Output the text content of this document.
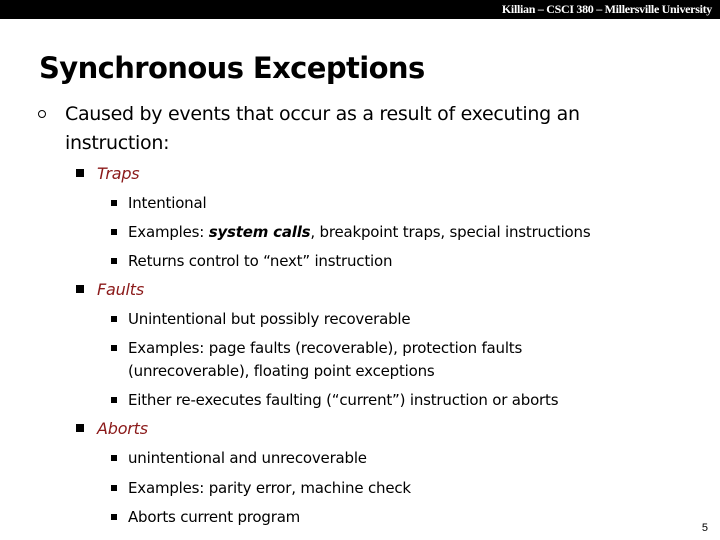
Killian – CSCI 380 – Millersville University
Synchronous Exceptions
Caused by events that occur as a result of executing an
instruction:
Traps
Intentional
Examples: system calls, breakpoint traps, special instructions
Returns control to “next” instruction
Faults
Unintentional but possibly recoverable
Examples: page faults (recoverable), protection faults
(unrecoverable), floating point exceptions
Either re-executes faulting (“current”) instruction or aborts
Aborts
unintentional and unrecoverable
Examples: parity error, machine check
Aborts current program
5
